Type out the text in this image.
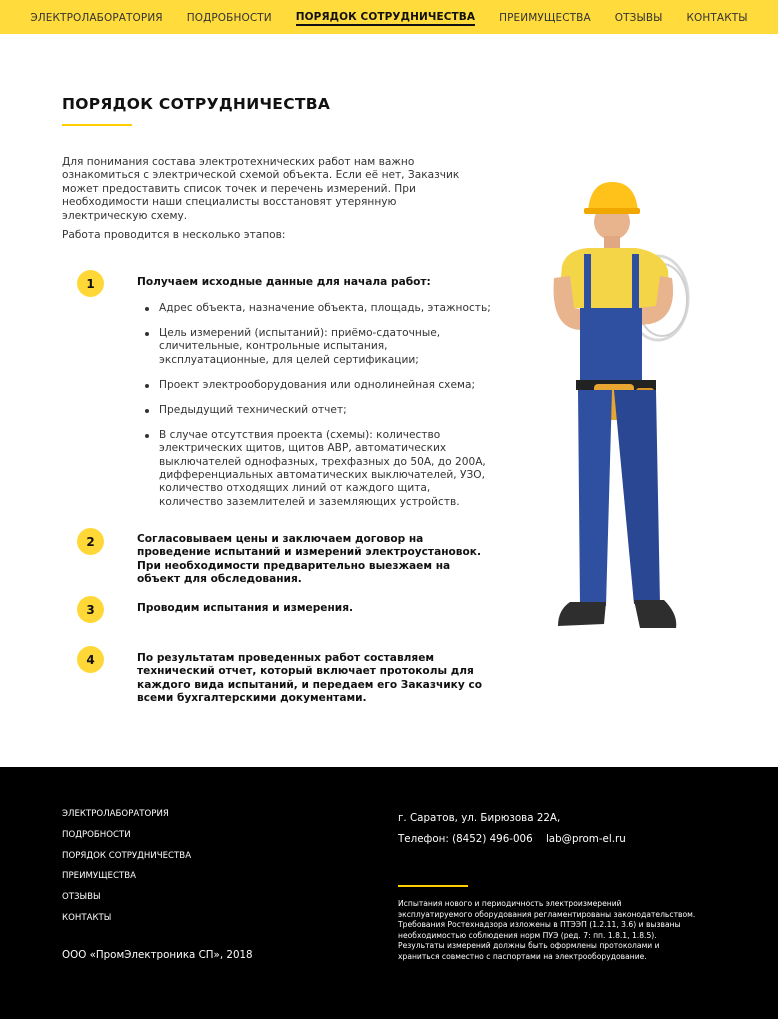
ЭЛЕКТРОЛАБОРАТОРИЯ ПОДРОБНОСТИ ПОРЯДОК СОТРУДНИЧЕСТВА ПРЕИМУЩЕСТВА ОТЗЫВЫ КОНТАКТЫ
ПОРЯДОК СОТРУДНИЧЕСТВА

Для понимания состава электротехнических работ нам важно ознакомиться с электрической схемой объекта. Если её нет, Заказчик может предоставить список точек и перечень измерений. При необходимости наши специалисты восстановят утерянную электрическую схему.

Работа проводится в несколько этапов:

1	Получаем исходные данные для начала работ:
Адрес объекта, назначение объекта, площадь, этажность;
Цель измерений (испытаний): приёмо-сдаточные, сличительные, контрольные испытания, эксплуатационные, для целей сертификации;
Проект электрооборудования или однолинейная схема;
Предыдущий технический отчет;
В случае отсутствия проекта (схемы): количество электрических щитов, щитов АВР, автоматических выключателей однофазных, трехфазных до 50А, до 200А, дифференциальных автоматических выключателей, УЗО, количество отходящих линий от каждого щита, количество заземлителей и заземляющих устройств.
2	Согласовываем цены и заключаем договор на проведение испытаний и измерений электроустановок. При необходимости предварительно выезжаем на объект для обследования.
3	Проводим испытания и измерения.
4	По результатам проведенных работ составляем технический отчет, который включает протоколы для каждого вида испытаний, и передаем его Заказчику со всеми бухгалтерскими документами.
ЭЛЕКТРОЛАБОРАТОРИЯ
ПОДРОБНОСТИ
ПОРЯДОК СОТРУДНИЧЕСТВА
ПРЕИМУЩЕСТВА
ОТЗЫВЫ
КОНТАКТЫ
ООО «ПромЭлектроника СП», 2018
г. Саратов, ул. Бирюзова 22А,
Телефон: (8452) 496-006 lab@prom-el.ru

Испытания нового и периодичность электроизмерений эксплуатируемого оборудования регламентированы законодательством. Требования Ростехнадзора изложены в ПТЭЭП (1.2.11, 3.6) и вызваны необходимостью соблюдения норм ПУЭ (ред. 7: пп. 1.8.1, 1.8.5). Результаты измерений должны быть оформлены протоколами и храниться совместно с паспортами на электрооборудование.
